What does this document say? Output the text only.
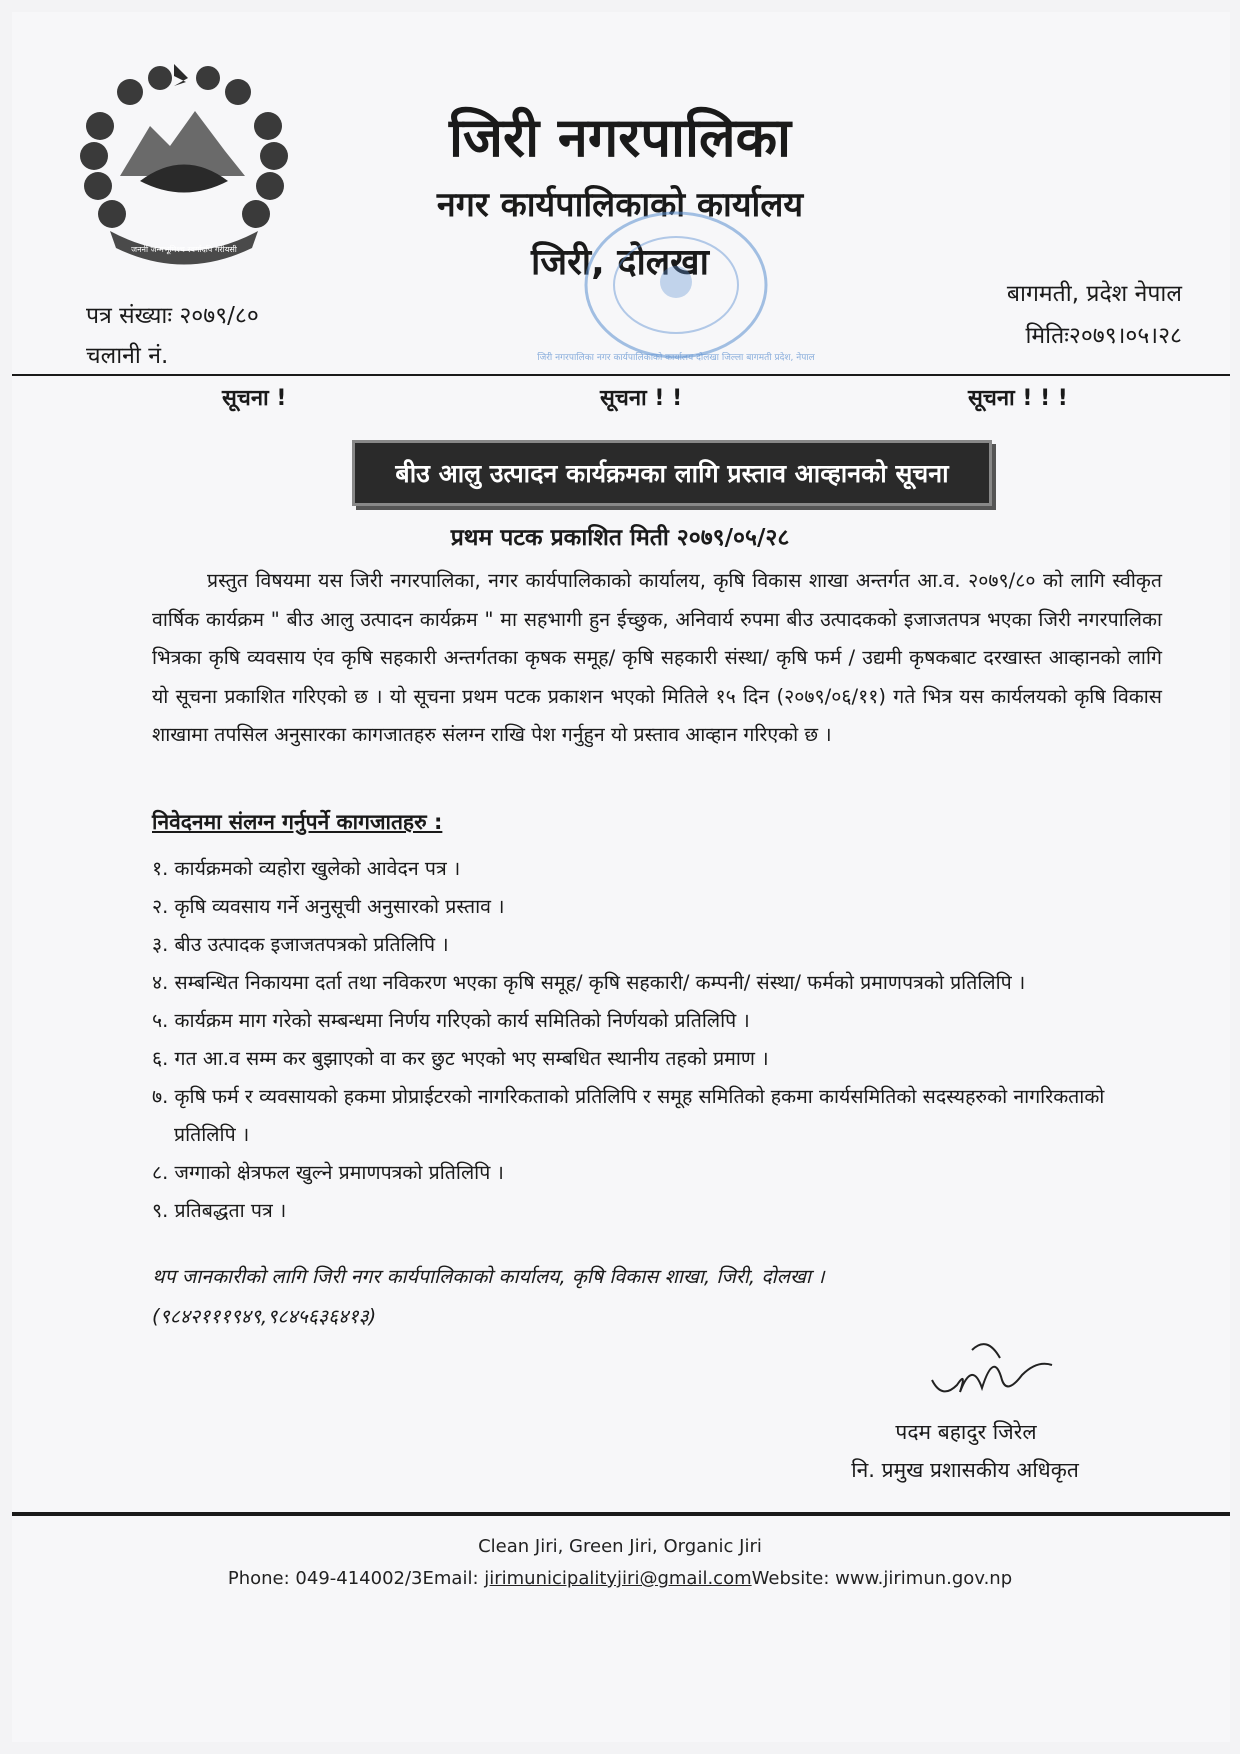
जननी जन्मभूमिश्च स्वर्गादपि गरीयसी
जिरी नगरपालिका
नगर कार्यपालिकाको कार्यालय
जिरी, दोलखा
जिरी नगरपालिका नगर कार्यपालिकाको कार्यालय दोलखा जिल्ला बागमती प्रदेश, नेपाल
पत्र संख्याः २०७९/८०
चलानी नं.
बागमती, प्रदेश नेपाल
मितिः२०७९।०५।२८
सूचना !	सूचना ! !	सूचना ! ! !
बीउ आलु उत्पादन कार्यक्रमका लागि प्रस्ताव आव्हानको सूचना
प्रथम पटक प्रकाशित मिती २०७९/०५/२८
प्रस्तुत विषयमा यस जिरी नगरपालिका, नगर कार्यपालिकाको कार्यालय, कृषि विकास शाखा अन्तर्गत आ.व. २०७९/८० को लागि स्वीकृत वार्षिक कार्यक्रम " बीउ आलु उत्पादन कार्यक्रम " मा सहभागी हुन ईच्छुक, अनिवार्य रुपमा बीउ उत्पादकको इजाजतपत्र भएका जिरी नगरपालिका भित्रका कृषि व्यवसाय एंव कृषि सहकारी अन्तर्गतका कृषक समूह/ कृषि सहकारी संस्था/ कृषि फर्म / उद्यमी कृषकबाट दरखास्त आव्हानको लागि यो सूचना प्रकाशित गरिएको छ । यो सूचना प्रथम पटक प्रकाशन भएको मितिले १५ दिन (२०७९/०६/११) गते भित्र यस कार्यलयको कृषि विकास शाखामा तपसिल अनुसारका कागजातहरु संलग्न राखि पेश गर्नुहुन यो प्रस्ताव आव्हान गरिएको छ ।
निवेदनमा संलग्न गर्नुपर्ने कागजातहरु :
१. कार्यक्रमको व्यहोरा खुलेको आवेदन पत्र ।
२. कृषि व्यवसाय गर्ने अनुसूची अनुसारको प्रस्ताव ।
३. बीउ उत्पादक इजाजतपत्रको प्रतिलिपि ।
४. सम्बन्धित निकायमा दर्ता तथा नविकरण भएका कृषि समूह/ कृषि सहकारी/ कम्पनी/ संस्था/ फर्मको प्रमाणपत्रको प्रतिलिपि ।
५. कार्यक्रम माग गरेको सम्बन्धमा निर्णय गरिएको कार्य समितिको निर्णयको प्रतिलिपि ।
६. गत आ.व सम्म कर बुझाएको वा कर छुट भएको भए सम्बधित स्थानीय तहको प्रमाण ।
७. कृषि फर्म र व्यवसायको हकमा प्रोप्राईटरको नागरिकताको प्रतिलिपि र समूह समितिको हकमा कार्यसमितिको सदस्यहरुको नागरिकताको प्रतिलिपि ।
८. जग्गाको क्षेत्रफल खुल्ने प्रमाणपत्रको प्रतिलिपि ।
९. प्रतिबद्धता पत्र ।
थप जानकारीको लागि जिरी नगर कार्यपालिकाको कार्यालय, कृषि विकास शाखा, जिरी, दोलखा ।
(९८४२१११९४९,९८४५६३६४१३)
पदम बहादुर जिरेल
नि. प्रमुख प्रशासकीय अधिकृत
Clean Jiri, Green Jiri, Organic Jiri
Phone: 049-414002/3Email: jirimunicipalityjiri@gmail.comWebsite: www.jirimun.gov.np
